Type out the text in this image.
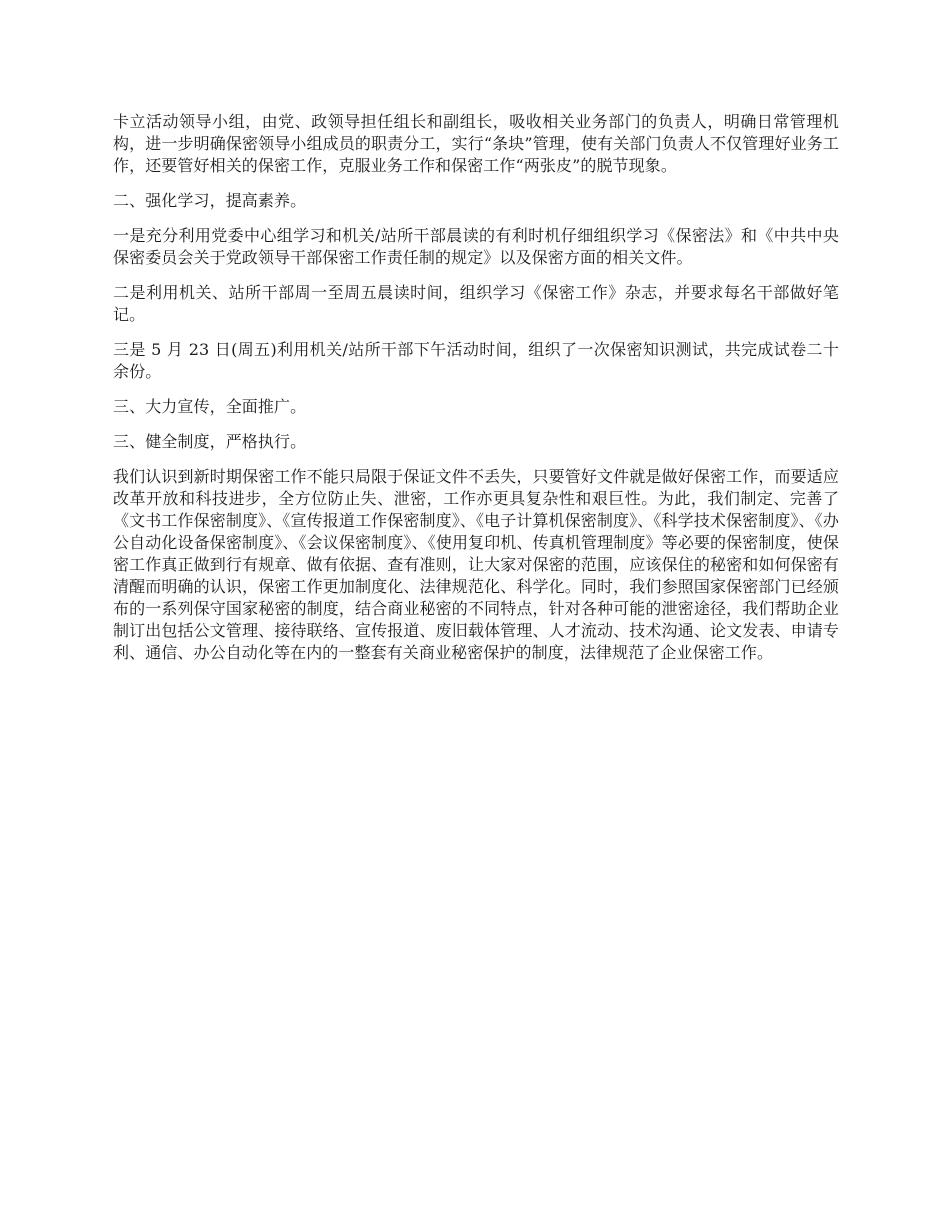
卡立活动领导小组，由党、政领导担任组长和副组长，吸收相关业务部门的负责人，明确日常管理机构，进一步明确保密领导小组成员的职责分工，实行“条块”管理，使有关部门负责人不仅管理好业务工作，还要管好相关的保密工作，克服业务工作和保密工作“两张皮”的脱节现象。

二、强化学习，提高素养。

一是充分利用党委中心组学习和机关/站所干部晨读的有利时机仔细组织学习《保密法》和《中共中央保密委员会关于党政领导干部保密工作责任制的规定》以及保密方面的相关文件。

二是利用机关、站所干部周一至周五晨读时间，组织学习《保密工作》杂志，并要求每名干部做好笔记。

三是 5 月 23 日(周五)利用机关/站所干部下午活动时间，组织了一次保密知识测试，共完成试卷二十余份。

三、大力宣传，全面推广。

三、健全制度，严格执行。

我们认识到新时期保密工作不能只局限于保证文件不丢失，只要管好文件就是做好保密工作，而要适应改革开放和科技进步，全方位防止失、泄密，工作亦更具复杂性和艰巨性。为此，我们制定、完善了《文书工作保密制度》、《宣传报道工作保密制度》、《电子计算机保密制度》、《科学技术保密制度》、《办公自动化设备保密制度》、《会议保密制度》、《使用复印机、传真机管理制度》等必要的保密制度，使保密工作真正做到行有规章、做有依据、查有准则，让大家对保密的范围，应该保住的秘密和如何保密有清醒而明确的认识，保密工作更加制度化、法律规范化、科学化。同时，我们参照国家保密部门已经颁布的一系列保守国家秘密的制度，结合商业秘密的不同特点，针对各种可能的泄密途径，我们帮助企业制订出包括公文管理、接待联络、宣传报道、废旧载体管理、人才流动、技术沟通、论文发表、申请专利、通信、办公自动化等在内的一整套有关商业秘密保护的制度，法律规范了企业保密工作。
